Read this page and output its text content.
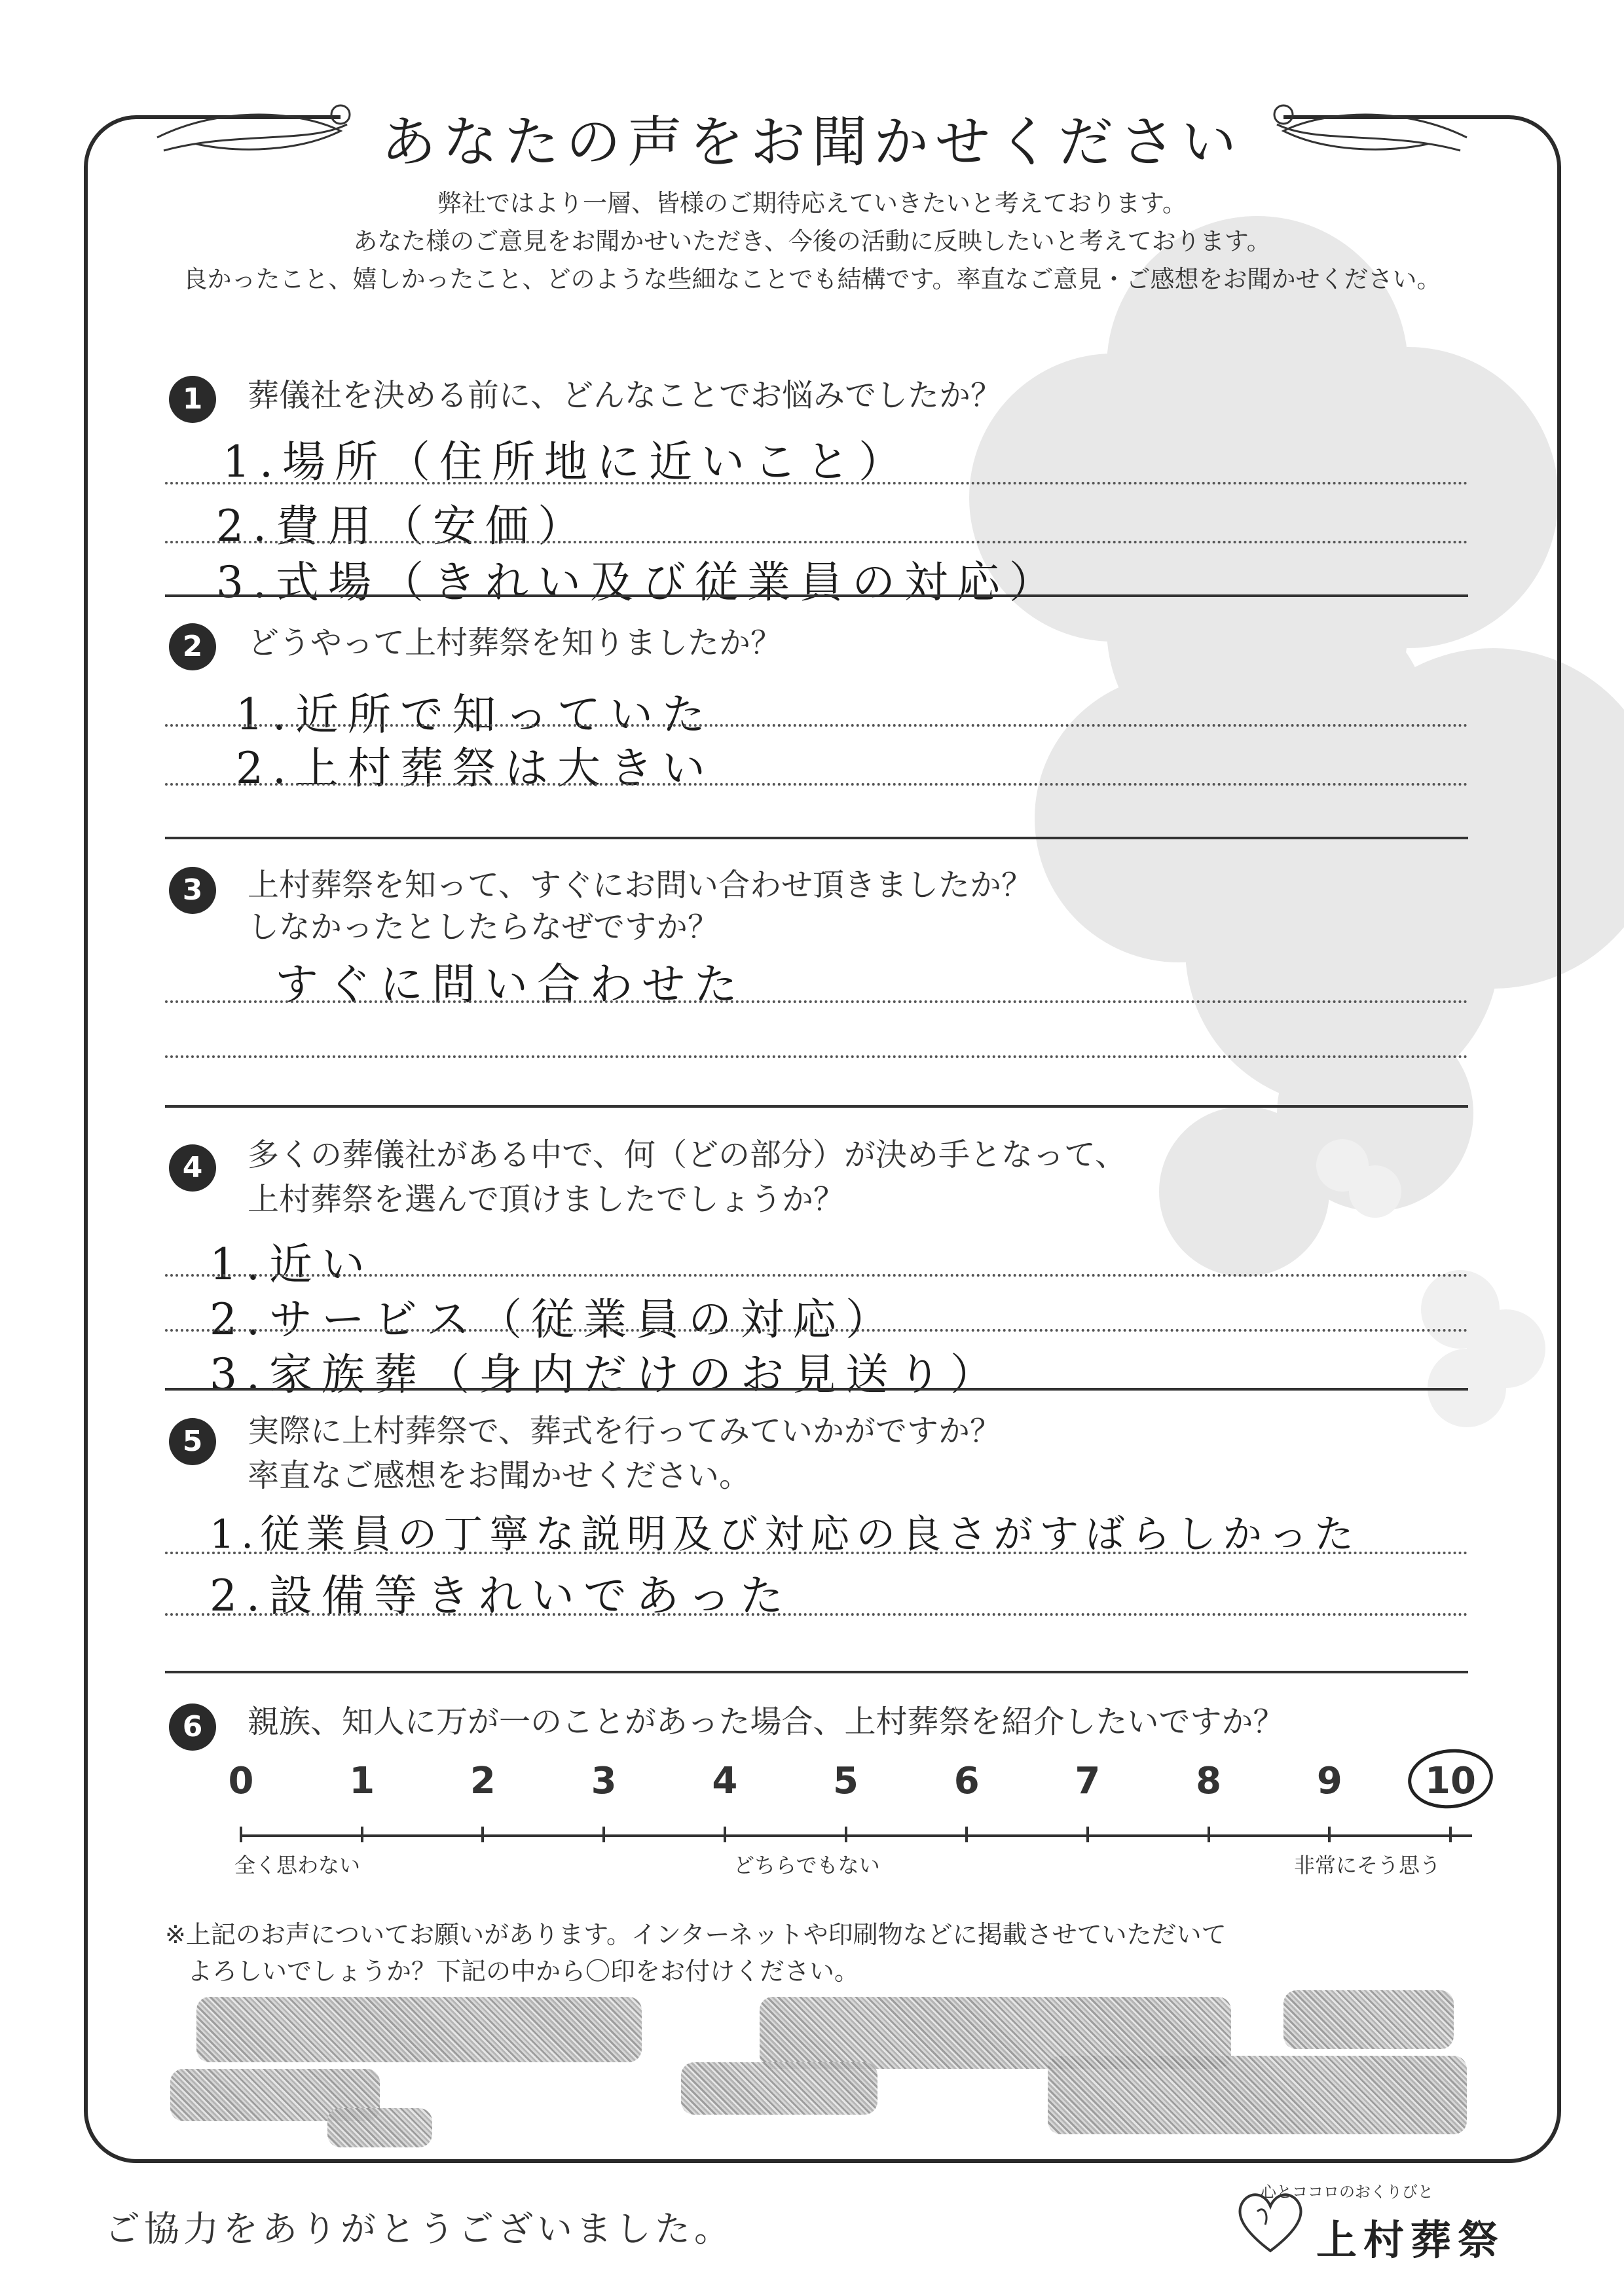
あなたの声をお聞かせください
弊社ではより一層、皆様のご期待応えていきたいと考えております。
あなた様のご意見をお聞かせいただき、今後の活動に反映したいと考えております。
良かったこと、嬉しかったこと、どのような些細なことでも結構です。率直なご意見・ご感想をお聞かせください。
1	葬儀社を決める前に、どんなことでお悩みでしたか？
1.場所（住所地に近いこと）
2.費用（安価）
3.式場（きれい及び従業員の対応）
2	どうやって上村葬祭を知りましたか？
1.近所で知っていた
2.上村葬祭は大きい
3	上村葬祭を知って、すぐにお問い合わせ頂きましたか？
しなかったとしたらなぜですか？
すぐに問い合わせた
4	多くの葬儀社がある中で、何（どの部分）が決め手となって、
上村葬祭を選んで頂けましたでしょうか？
1.近い
2.サービス（従業員の対応）
3.家族葬（身内だけのお見送り）
5	実際に上村葬祭で、葬式を行ってみていかがですか？
率直なご感想をお聞かせください。
1.従業員の丁寧な説明及び対応の良さがすばらしかった
2.設備等きれいであった
6	親族、知人に万が一のことがあった場合、上村葬祭を紹介したいですか？
0	1	2	3	4	5	6	7	8	9	10
全く思わない	どちらでもない	非常にそう思う
※上記のお声についてお願いがあります。インターネットや印刷物などに掲載させていただいて
よろしいでしょうか？下記の中から〇印をお付けください。
ご協力をありがとうございました。
心とココロのおくりびと
上村葬祭
